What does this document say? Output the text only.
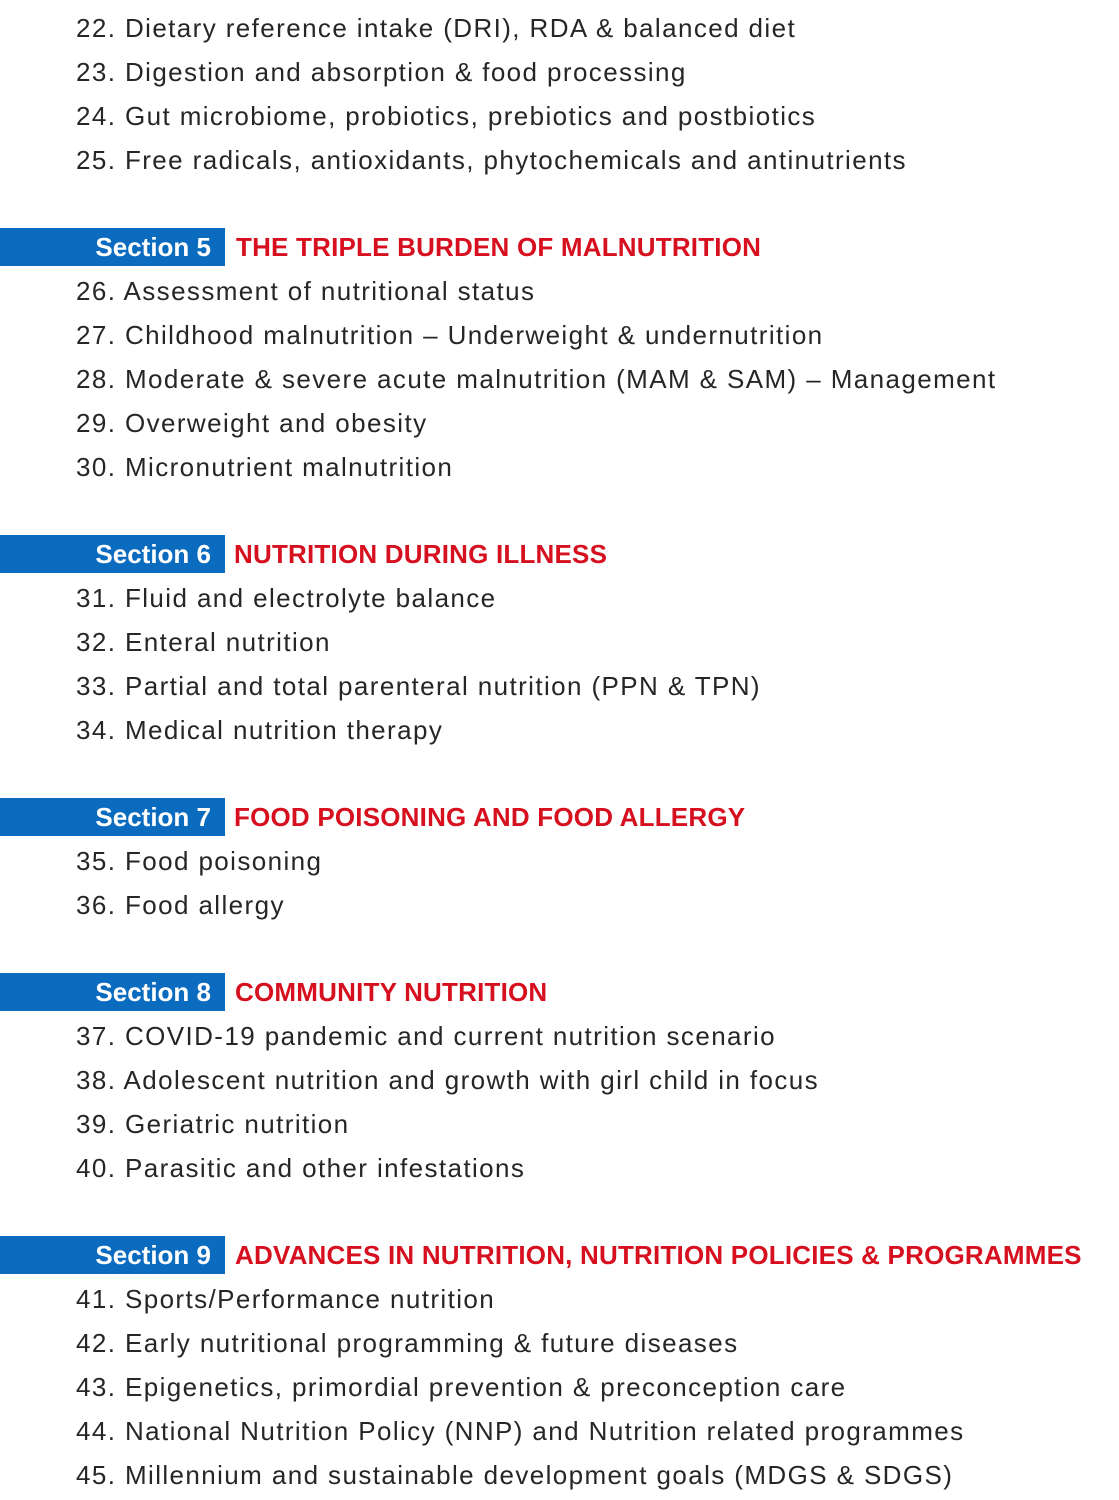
22. Dietary reference intake (DRI), RDA & balanced diet
23. Digestion and absorption & food processing
24. Gut microbiome, probiotics, prebiotics and postbiotics
25. Free radicals, antioxidants, phytochemicals and antinutrients
Section 5 THE TRIPLE BURDEN OF MALNUTRITION
26. Assessment of nutritional status
27. Childhood malnutrition – Underweight & undernutrition
28. Moderate & severe acute malnutrition (MAM & SAM) – Management
29. Overweight and obesity
30. Micronutrient malnutrition
Section 6 NUTRITION DURING ILLNESS
31. Fluid and electrolyte balance
32. Enteral nutrition
33. Partial and total parenteral nutrition (PPN & TPN)
34. Medical nutrition therapy
Section 7 FOOD POISONING AND FOOD ALLERGY
35. Food poisoning
36. Food allergy
Section 8 COMMUNITY NUTRITION
37. COVID-19 pandemic and current nutrition scenario
38. Adolescent nutrition and growth with girl child in focus
39. Geriatric nutrition
40. Parasitic and other infestations
Section 9 ADVANCES IN NUTRITION, NUTRITION POLICIES & PROGRAMMES
41. Sports/Performance nutrition
42. Early nutritional programming & future diseases
43. Epigenetics, primordial prevention & preconception care
44. National Nutrition Policy (NNP) and Nutrition related programmes
45. Millennium and sustainable development goals (MDGS & SDGS)
